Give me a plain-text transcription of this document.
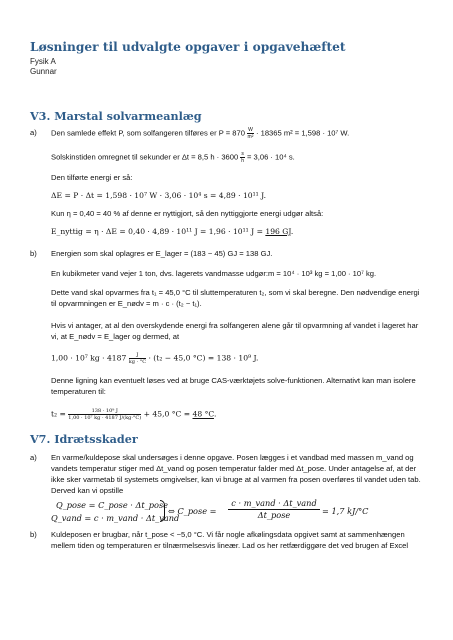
Løsninger til udvalgte opgaver i opgavehæftet
Fysik A
Gunnar
V3. Marstal solvarmeanlæg
a) Den samlede effekt P, som solfangeren tilføres er $P = 870 \frac{W}{\text{m²}} \cdot 18365$ m² = 1,598 · 10⁷ W.
Solskinstiden omregnet til sekunder er Δt = 8,5 $h \cdot 3600 \frac{s}{h} = 3,06 \cdot 10^4$ s.
Den tilførte energi er så:
ΔE = P · Δt = 1,598 · 10⁷ W · 3,06 · 10⁴ s = 4,89 · 10¹¹ J.
Kun η = 0,40 = 40 % af denne er nyttigjort, så den nyttiggjorte energi udgør altså:
E_nyttig = η · ΔE = 0,40 · 4,89 · 10¹¹ J = 1,96 · 10¹¹ J = 196 GJ.
b) Energien som skal oplagres er E_lager = (183 − 45) GJ = 138 GJ.
En kubikmeter vand vejer 1 ton, dvs. lagerets vandmasse udgør:m = 10⁴ · 10³ kg = 1,00 · 10⁷ kg.
Dette vand skal opvarmes fra t₁ = 45,0 °C til sluttemperaturen t₂, som vi skal beregne. Den nødvendige energi til opvarmningen er E_nødv = m · c · (t₂ − t₁).
Hvis vi antager, at al den overskydende energi fra solfangeren alene går til opvarmning af vandet i lageret har vi, at E_nødv = E_lager og dermed, at
1,00 · 10⁷ kg · $4187 \frac{J}{kg \cdot ^\circ C} \cdot (t_2 - 45,0$ °C) = 138 · 10⁹ J.
Denne ligning kan eventuelt løses ved at bruge CAS-værktøjets solve-funktionen. Alternativt kan man isolere temperaturen til:
$t_2 = \frac{\text{138 · 10⁹ J}}{\text{1,00 · 10⁷ kg · 4187 J/(kg·°C)}} + 45,0$ °C = 48 °C.
V7. Idrætsskader
a) En varme/kuldepose skal undersøges i denne opgave. Posen lægges i et vandbad med massen m_vand og vandets temperatur stiger med Δt_vand og posen temperatur falder med Δt_pose. Under antagelse af, at der ikke sker varmetab til systemets omgivelser, kan vi bruge at al varmen fra posen overføres til vandet uden tab. Derved kan vi opstille
Q_pose = C_pose · Δt_pose
Q_vand = c · m_vand · Δt_vand
⇔ C_pose =
c · m_vand · Δt_vand
Δt_pose	= 1,7 kJ/°C
b) Kuldeposen er brugbar, når t_pose < −5,0 °C. Vi får nogle afkølingsdata opgivet samt at sammenhængen mellem tiden og temperaturen er tilnærmelsesvis lineær. Lad os her retfærdiggøre det ved brugen af Excel
